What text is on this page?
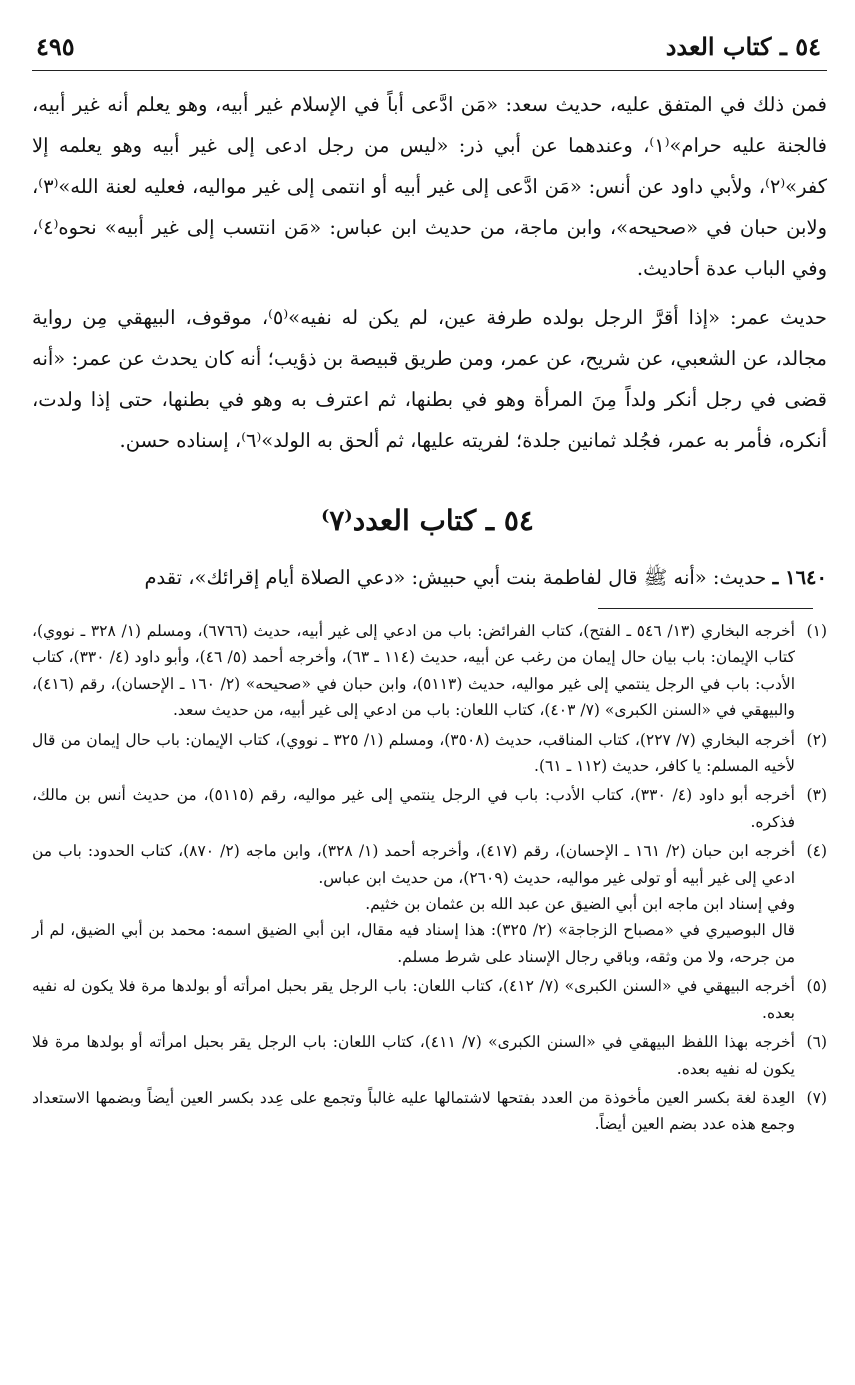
٥٤ ـ كتاب العدد
٤٩٥

فمن ذلك في المتفق عليه، حديث سعد: «مَن ادَّعى أباً في الإسلام غير أبيه، وهو يعلم أنه غير أبيه، فالجنة عليه حرام»⁽١⁾، وعندهما عن أبي ذر: «ليس من رجل ادعى إلى غير أبيه وهو يعلمه إلا كفر»⁽٢⁾، ولأبي داود عن أنس: «مَن ادَّعى إلى غير أبيه أو انتمى إلى غير مواليه، فعليه لعنة الله»⁽٣⁾، ولابن حبان في «صحيحه»، وابن ماجة، من حديث ابن عباس: «مَن انتسب إلى غير أبيه» نحوه⁽٤⁾، وفي الباب عدة أحاديث.

حديث عمر: «إذا أقرَّ الرجل بولده طرفة عين، لم يكن له نفيه»⁽٥⁾، موقوف، البيهقي مِن رواية مجالد، عن الشعبي، عن شريح، عن عمر، ومن طريق قبيصة بن ذؤيب؛ أنه كان يحدث عن عمر: «أنه قضى في رجل أنكر ولداً مِنَ المرأة وهو في بطنها، ثم اعترف به وهو في بطنها، حتى إذا ولدت، أنكره، فأمر به عمر، فجُلد ثمانين جلدة؛ لفريته عليها، ثم ألحق به الولد»⁽٦⁾، إسناده حسن.

٥٤ ـ كتاب العدد⁽٧⁾
١٦٤٠ ـ حديث: «أنه ﷺ قال لفاطمة بنت أبي حبيش: «دعي الصلاة أيام إقرائك»، تقدم
(١)
أخرجه البخاري (١٣/ ٥٤٦ ـ الفتح)، كتاب الفرائض: باب من ادعي إلى غير أبيه، حديث (٦٧٦٦)، ومسلم (١/ ٣٢٨ ـ نووي)، كتاب الإيمان: باب بيان حال إيمان من رغب عن أبيه، حديث (١١٤ ـ ٦٣)، وأخرجه أحمد (٥/ ٤٦)، وأبو داود (٤/ ٣٣٠)، كتاب الأدب: باب في الرجل ينتمي إلى غير مواليه، حديث (٥١١٣)، وابن حبان في «صحيحه» (٢/ ١٦٠ ـ الإحسان)، رقم (٤١٦)، والبيهقي في «السنن الكبرى» (٧/ ٤٠٣)، كتاب اللعان: باب من ادعي إلى غير أبيه، من حديث سعد.
(٢)
أخرجه البخاري (٧/ ٢٢٧)، كتاب المناقب، حديث (٣٥٠٨)، ومسلم (١/ ٣٢٥ ـ نووي)، كتاب الإيمان: باب حال إيمان من قال لأخيه المسلم: يا كافر، حديث (١١٢ ـ ٦١).
(٣)
أخرجه أبو داود (٤/ ٣٣٠)، كتاب الأدب: باب في الرجل ينتمي إلى غير مواليه، رقم (٥١١٥)، من حديث أنس بن مالك، فذكره.
(٤)
أخرجه ابن حبان (٢/ ١٦١ ـ الإحسان)، رقم (٤١٧)، وأخرجه أحمد (١/ ٣٢٨)، وابن ماجه (٢/ ٨٧٠)، كتاب الحدود: باب من ادعي إلى غير أبيه أو تولى غير مواليه، حديث (٢٦٠٩)، من حديث ابن عباس.
وفي إسناد ابن ماجه ابن أبي الضيق عن عبد الله بن عثمان بن خثيم.
قال البوصيري في «مصباح الزجاجة» (٢/ ٣٢٥): هذا إسناد فيه مقال، ابن أبي الضيق اسمه: محمد بن أبي الضيق، لم أر من جرحه، ولا من وثقه، وباقي رجال الإسناد على شرط مسلم.
(٥)
أخرجه البيهقي في «السنن الكبرى» (٧/ ٤١٢)، كتاب اللعان: باب الرجل يقر بحبل امرأته أو بولدها مرة فلا يكون له نفيه بعده.
(٦)
أخرجه بهذا اللفظ البيهقي في «السنن الكبرى» (٧/ ٤١١)، كتاب اللعان: باب الرجل يقر بحبل امرأته أو بولدها مرة فلا يكون له نفيه بعده.
(٧)
العِدة لغة بكسر العين مأخوذة من العدد بفتحها لاشتمالها عليه غالباً وتجمع على عِدد بكسر العين أيضاً وبضمها الاستعداد وجمع هذه عدد بضم العين أيضاً.
